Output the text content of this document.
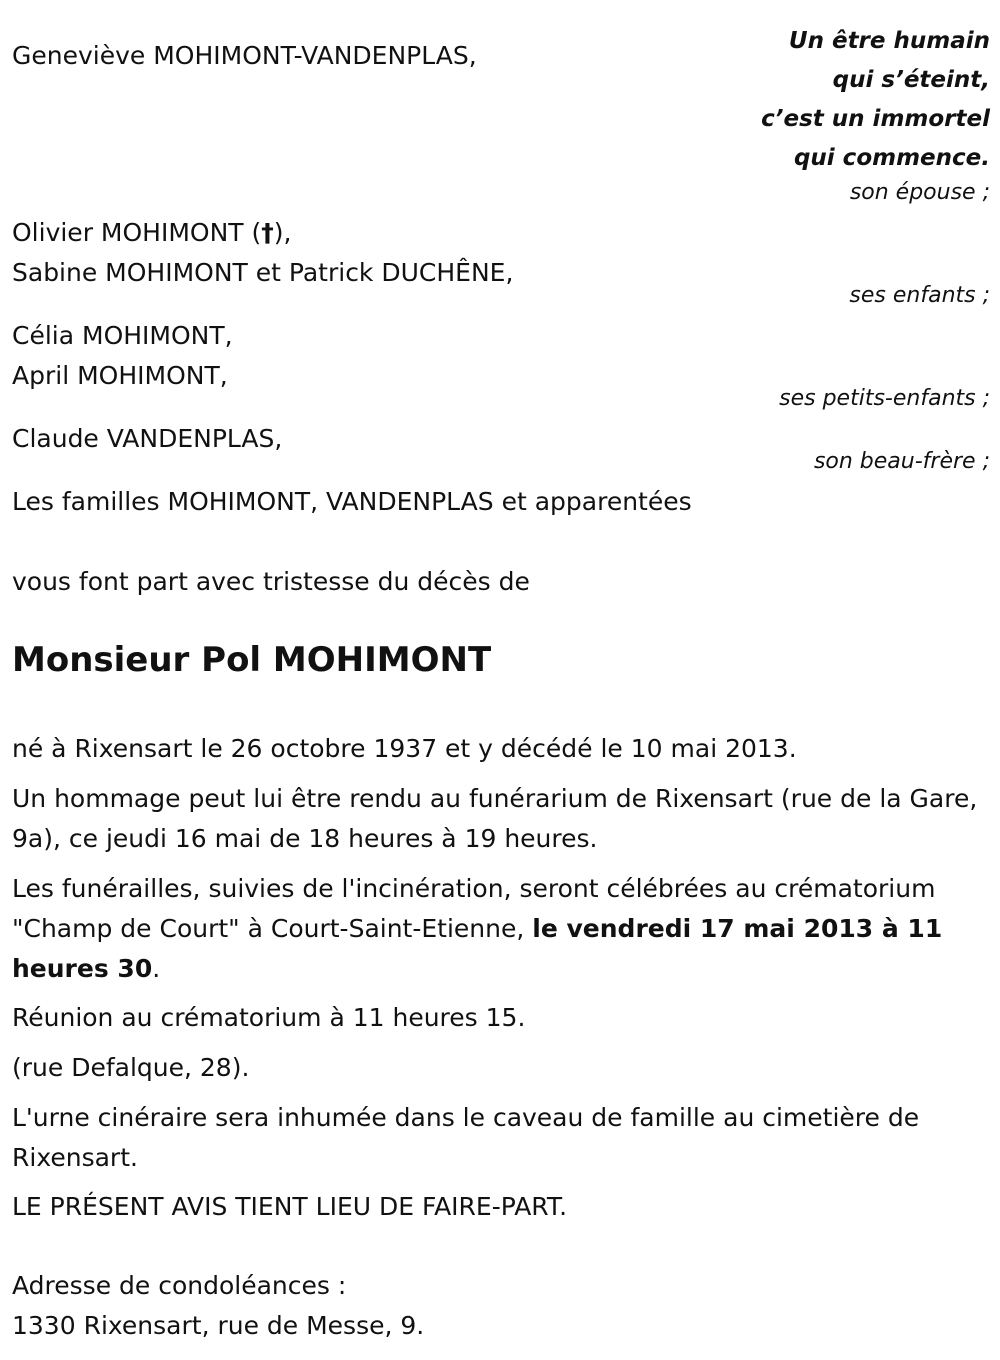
Un être humain
qui s’éteint,
c’est un immortel
qui commence.
Geneviève MOHIMONT-VANDENPLAS,
son épouse ;
Olivier MOHIMONT (†),
Sabine MOHIMONT et Patrick DUCHÊNE,
ses enfants ;
Célia MOHIMONT,
April MOHIMONT,
ses petits-enfants ;
Claude VANDENPLAS,
son beau-frère ;
Les familles MOHIMONT, VANDENPLAS et apparentées
vous font part avec tristesse du décès de
Monsieur Pol MOHIMONT
né à Rixensart le 26 octobre 1937 et y décédé le 10 mai 2013.
Un hommage peut lui être rendu au funérarium de Rixensart (rue de la Gare, 9a), ce jeudi 16 mai de 18 heures à 19 heures.
Les funérailles, suivies de l'incinération, seront célébrées au crématorium "Champ de Court" à Court-Saint-Etienne, le vendredi 17 mai 2013 à 11 heures 30.
Réunion au crématorium à 11 heures 15.
(rue Defalque, 28).
L'urne cinéraire sera inhumée dans le caveau de famille au cimetière de Rixensart.
LE PRÉSENT AVIS TIENT LIEU DE FAIRE-PART.
Adresse de condoléances :
1330 Rixensart, rue de Messe, 9.
